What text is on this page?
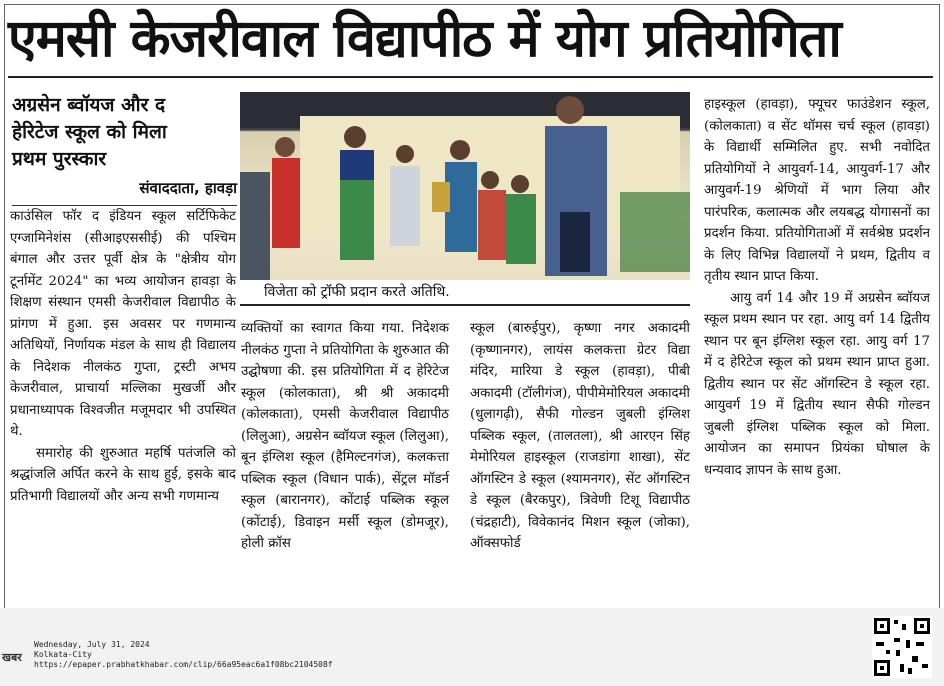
एमसी केजरीवाल विद्यापीठ में योग प्रतियोगिता
अग्रसेन ब्वॉयज और द
हेरिटेज स्कूल को मिला
प्रथम पुरस्कार
संवाददाता, हावड़ा

काउंसिल फॉर द इंडियन स्कूल सर्टिफिकेट एग्जामिनेशंस (सीआइएससीई) की पश्चिम बंगाल और उत्तर पूर्वी क्षेत्र के "क्षेत्रीय योग टूर्नामेंट 2024" का भव्य आयोजन हावड़ा के शिक्षण संस्थान एमसी केजरीवाल विद्यापीठ के प्रांगण में हुआ. इस अवसर पर गणमान्य अतिथियों, निर्णायक मंडल के साथ ही विद्यालय के निदेशक नीलकंठ गुप्ता, ट्रस्टी अभय केजरीवाल, प्राचार्या मल्लिका मुखर्जी और प्रधानाध्यापक विश्वजीत मजूमदार भी उपस्थित थे.

समारोह की शुरुआत महर्षि पतंजलि को श्रद्धांजलि अर्पित करने के साथ हुई, इसके बाद प्रतिभागी विद्यालयों और अन्य सभी गणमान्य

विजेता को ट्रॉफी प्रदान करते अतिथि.

व्यक्तियों का स्वागत किया गया. निदेशक नीलकंठ गुप्ता ने प्रतियोगिता के शुरुआत की उद्घोषणा की. इस प्रतियोगिता में द हेरिटेज स्कूल (कोलकाता), श्री श्री अकादमी (कोलकाता), एमसी केजरीवाल विद्यापीठ (लिलुआ), अग्रसेन ब्वॉयज स्कूल (लिलुआ), बून इंग्लिश स्कूल (हैमिल्टनगंज), कलकत्ता पब्लिक स्कूल (विधान पार्क), सेंट्रल मॉडर्न स्कूल (बारानगर), कोंटाई पब्लिक स्कूल (कोंटाई), डिवाइन मर्सी स्कूल (डोमजूर), होली क्रॉस

स्कूल (बारुईपुर), कृष्णा नगर अकादमी (कृष्णानगर), लायंस कलकत्ता ग्रेटर विद्या मंदिर, मारिया डे स्कूल (हावड़ा), पीबी अकादमी (टॉलीगंज), पीपीमेमोरियल अकादमी (धुलागढ़ी), सैफी गोल्डन जुबली इंग्लिश पब्लिक स्कूल, (तालतला), श्री आरएन सिंह मेमोरियल हाइस्कूल (राजडांगा शाखा), सेंट ऑगस्टिन डे स्कूल (श्यामनगर), सेंट ऑगस्टिन डे स्कूल (बैरकपुर), त्रिवेणी टिशू विद्यापीठ (चंद्रहाटी), विवेकानंद मिशन स्कूल (जोका), ऑक्सफोर्ड

हाइस्कूल (हावड़ा), फ्यूचर फाउंडेशन स्कूल, (कोलकाता) व सेंट थॉमस चर्च स्कूल (हावड़ा) के विद्यार्थी सम्मिलित हुए. सभी नवोदित प्रतियोगियों ने आयुवर्ग-14, आयुवर्ग-17 और आयुवर्ग-19 श्रेणियों में भाग लिया और पारंपरिक, कलात्मक और लयबद्ध योगासनों का प्रदर्शन किया. प्रतियोगिताओं में सर्वश्रेष्ठ प्रदर्शन के लिए विभिन्न विद्यालयों ने प्रथम, द्वितीय व तृतीय स्थान प्राप्त किया.

आयु वर्ग 14 और 19 में अग्रसेन ब्वॉयज स्कूल प्रथम स्थान पर रहा. आयु वर्ग 14 द्वितीय स्थान पर बून इंग्लिश स्कूल रहा. आयु वर्ग 17 में द हेरिटेज स्कूल को प्रथम स्थान प्राप्त हुआ. द्वितीय स्थान पर सेंट ऑगस्टिन डे स्कूल रहा. आयुवर्ग 19 में द्वितीय स्थान सैफी गोल्डन जुबली इंग्लिश पब्लिक स्कूल को मिला. आयोजन का समापन प्रियंका घोषाल के धन्यवाद ज्ञापन के साथ हुआ.

खबर
Wednesday, July 31, 2024
Kolkata-City
https://epaper.prabhatkhabar.com/clip/66a95eac6a1f08bc2104508f
